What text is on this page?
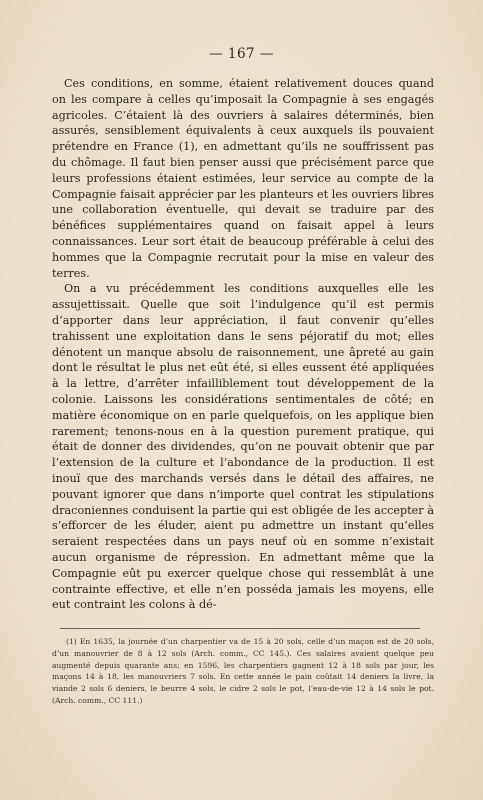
— 167 —

Ces conditions, en somme, étaient relativement douces quand on les compare à celles qu’imposait la Compagnie à ses engagés agricoles. C’étaient là des ouvriers à salaires déterminés, bien assurés, sensiblement équivalents à ceux auxquels ils pouvaient prétendre en France (1), en admettant qu’ils ne souffrissent pas du chômage. Il faut bien penser aussi que précisément parce que leurs professions étaient estimées, leur service au compte de la Compagnie faisait apprécier par les planteurs et les ouvriers libres une collaboration éventuelle, qui devait se traduire par des bénéfices supplémentaires quand on faisait appel à leurs connaissances. Leur sort était de beaucoup préférable à celui des hommes que la Compagnie recrutait pour la mise en valeur des terres.

On a vu précédemment les conditions auxquelles elle les assujettissait. Quelle que soit l’indulgence qu’il est permis d’apporter dans leur appréciation, il faut convenir qu’elles trahissent une exploitation dans le sens péjoratif du mot; elles dénotent un manque absolu de raisonnement, une âpreté au gain dont le résultat le plus net eût été, si elles eussent été appliquées à la lettre, d’arrêter infailliblement tout développement de la colonie. Laissons les considérations sentimentales de côté; en matière économique on en parle quelquefois, on les applique bien rarement; tenons-nous en à la question purement pratique, qui était de donner des dividendes, qu’on ne pouvait obtenir que par l’extension de la culture et l’abondance de la production. Il est inouï que des marchands versés dans le détail des affaires, ne pouvant ignorer que dans n’importe quel contrat les stipulations draconiennes conduisent la partie qui est obligée de les accepter à s’efforcer de les éluder, aient pu admettre un instant qu’elles seraient respectées dans un pays neuf où en somme n’existait aucun organisme de répression. En admettant même que la Compagnie eût pu exercer quelque chose qui ressemblât à une contrainte effective, et elle n’en posséda jamais les moyens, elle eut contraint les colons à dé-

(1) En 1635, la journée d’un charpentier va de 15 à 20 sols, celle d’un maçon est de 20 sols, d’un manouvrier de 8 à 12 sols (Arch. comm., CC 145.). Ces salaires avaient quelque peu augmenté depuis quarante ans; en 1596, les charpentiers gagnent 12 à 18 sols par jour, les maçons 14 à 18, les manouvriers 7 sols. En cette année le pain coûtait 14 deniers la livre, la viande 2 sols 6 deniers, le beurre 4 sols, le cidre 2 sols le pot, l’eau-de-vie 12 à 14 sols le pot. (Arch. comm., CC 111.)
